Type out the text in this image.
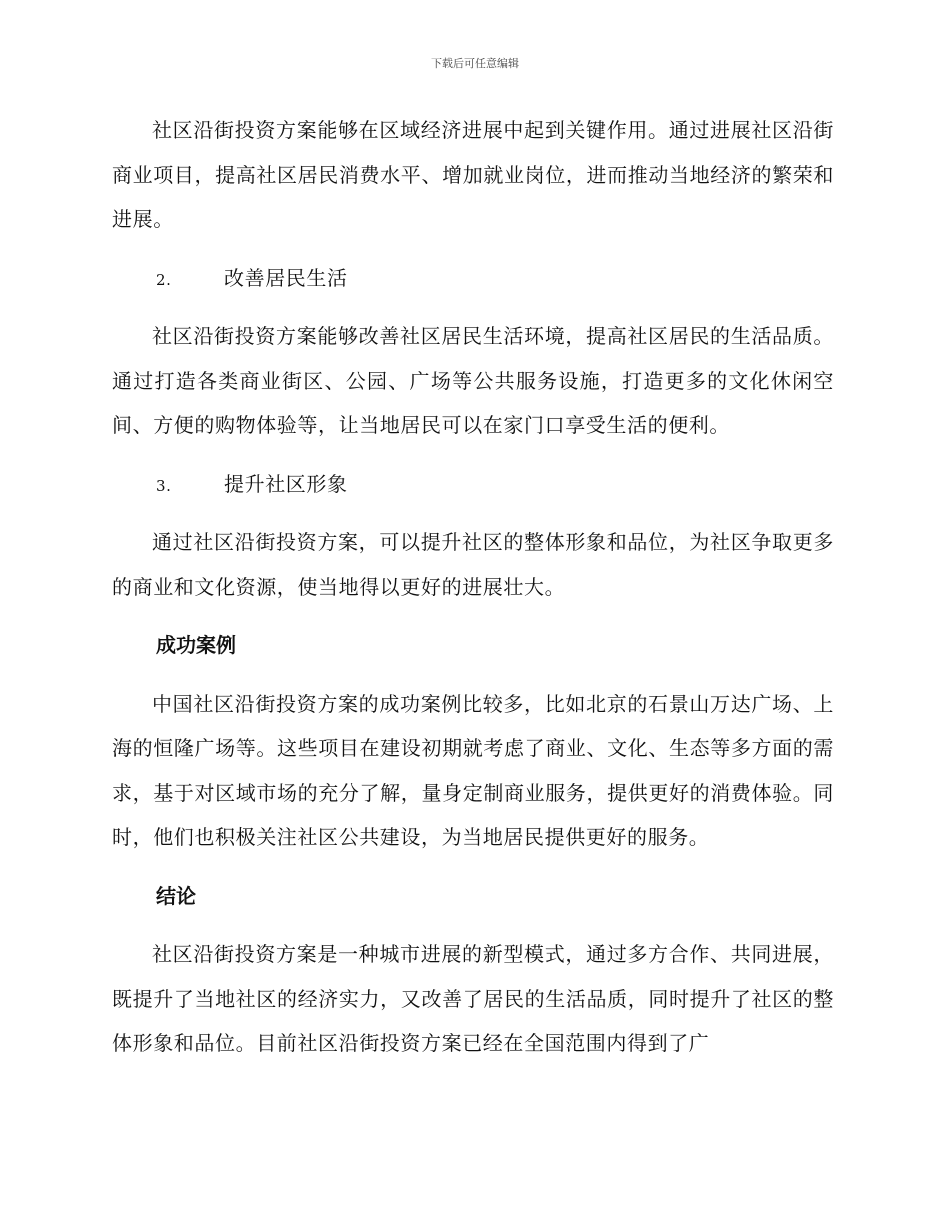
下载后可任意编辑

社区沿街投资方案能够在区域经济进展中起到关键作用。通过进展社区沿街商业项目，提高社区居民消费水平、增加就业岗位，进而推动当地经济的繁荣和进展。

2.	改善居民生活

社区沿街投资方案能够改善社区居民生活环境，提高社区居民的生活品质。通过打造各类商业街区、公园、广场等公共服务设施，打造更多的文化休闲空间、方便的购物体验等，让当地居民可以在家门口享受生活的便利。

3.	提升社区形象

通过社区沿街投资方案，可以提升社区的整体形象和品位，为社区争取更多的商业和文化资源，使当地得以更好的进展壮大。

成功案例

中国社区沿街投资方案的成功案例比较多，比如北京的石景山万达广场、上海的恒隆广场等。这些项目在建设初期就考虑了商业、文化、生态等多方面的需求，基于对区域市场的充分了解，量身定制商业服务，提供更好的消费体验。同时，他们也积极关注社区公共建设，为当地居民提供更好的服务。

结论

社区沿街投资方案是一种城市进展的新型模式，通过多方合作、共同进展，既提升了当地社区的经济实力，又改善了居民的生活品质，同时提升了社区的整体形象和品位。目前社区沿街投资方案已经在全国范围内得到了广
